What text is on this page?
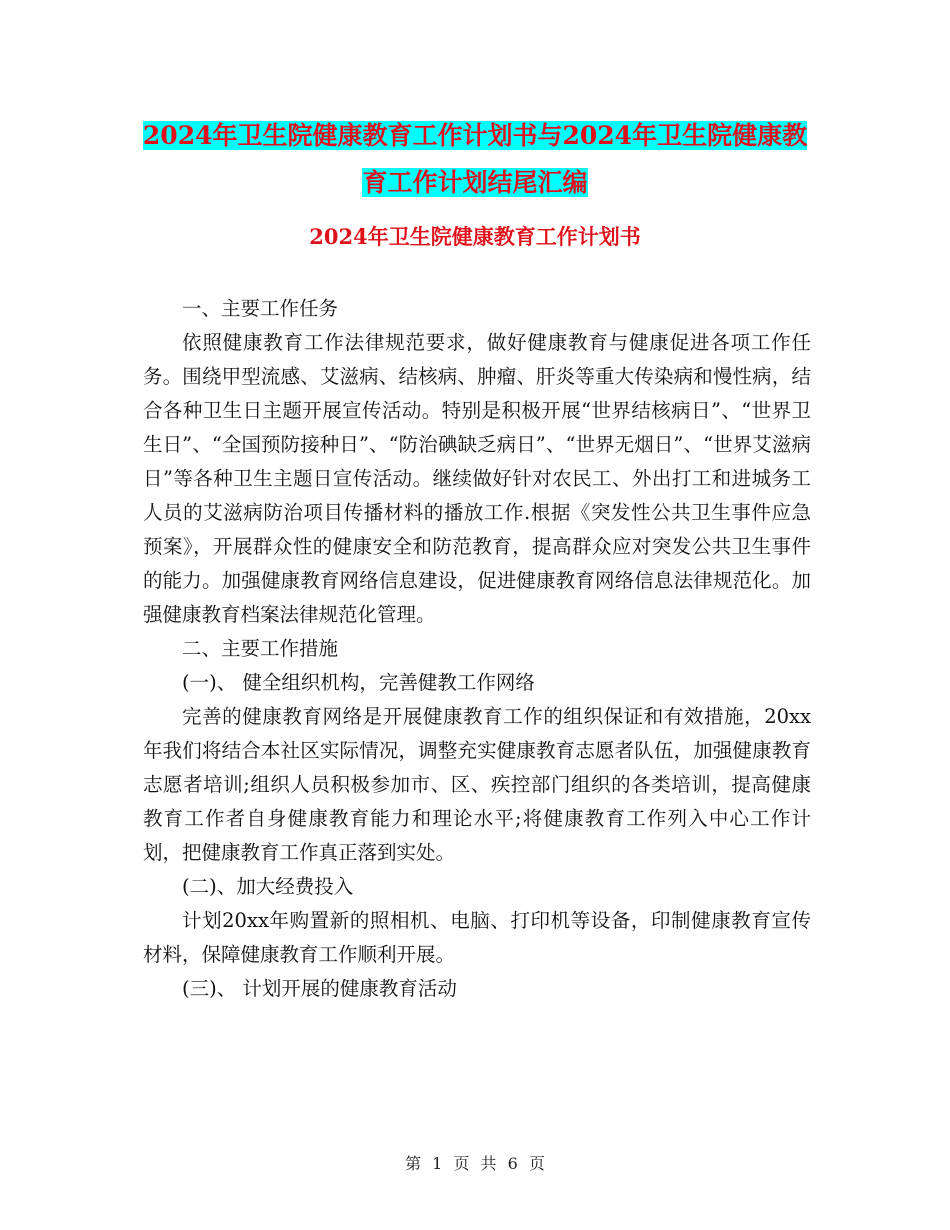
2024年卫生院健康教育工作计划书与2024年卫生院健康教育工作计划结尾汇编
2024年卫生院健康教育工作计划书

一、主要工作任务

依照健康教育工作法律规范要求，做好健康教育与健康促进各项工作任务。围绕甲型流感、艾滋病、结核病、肿瘤、肝炎等重大传染病和慢性病，结合各种卫生日主题开展宣传活动。特别是积极开展“世界结核病日”、“世界卫生日”、“全国预防接种日”、“防治碘缺乏病日”、“世界无烟日”、“世界艾滋病日”等各种卫生主题日宣传活动。继续做好针对农民工、外出打工和进城务工人员的艾滋病防治项目传播材料的播放工作.根据《突发性公共卫生事件应急预案》，开展群众性的健康安全和防范教育，提高群众应对突发公共卫生事件的能力。加强健康教育网络信息建设，促进健康教育网络信息法律规范化。加强健康教育档案法律规范化管理。

二、主要工作措施

(一)、 健全组织机构，完善健教工作网络

完善的健康教育网络是开展健康教育工作的组织保证和有效措施，20xx年我们将结合本社区实际情况，调整充实健康教育志愿者队伍，加强健康教育志愿者培训;组织人员积极参加市、区、疾控部门组织的各类培训，提高健康教育工作者自身健康教育能力和理论水平;将健康教育工作列入中心工作计划，把健康教育工作真正落到实处。

(二)、加大经费投入

计划20xx年购置新的照相机、电脑、打印机等设备，印制健康教育宣传材料，保障健康教育工作顺利开展。

(三)、 计划开展的健康教育活动

第 1 页 共 6 页
